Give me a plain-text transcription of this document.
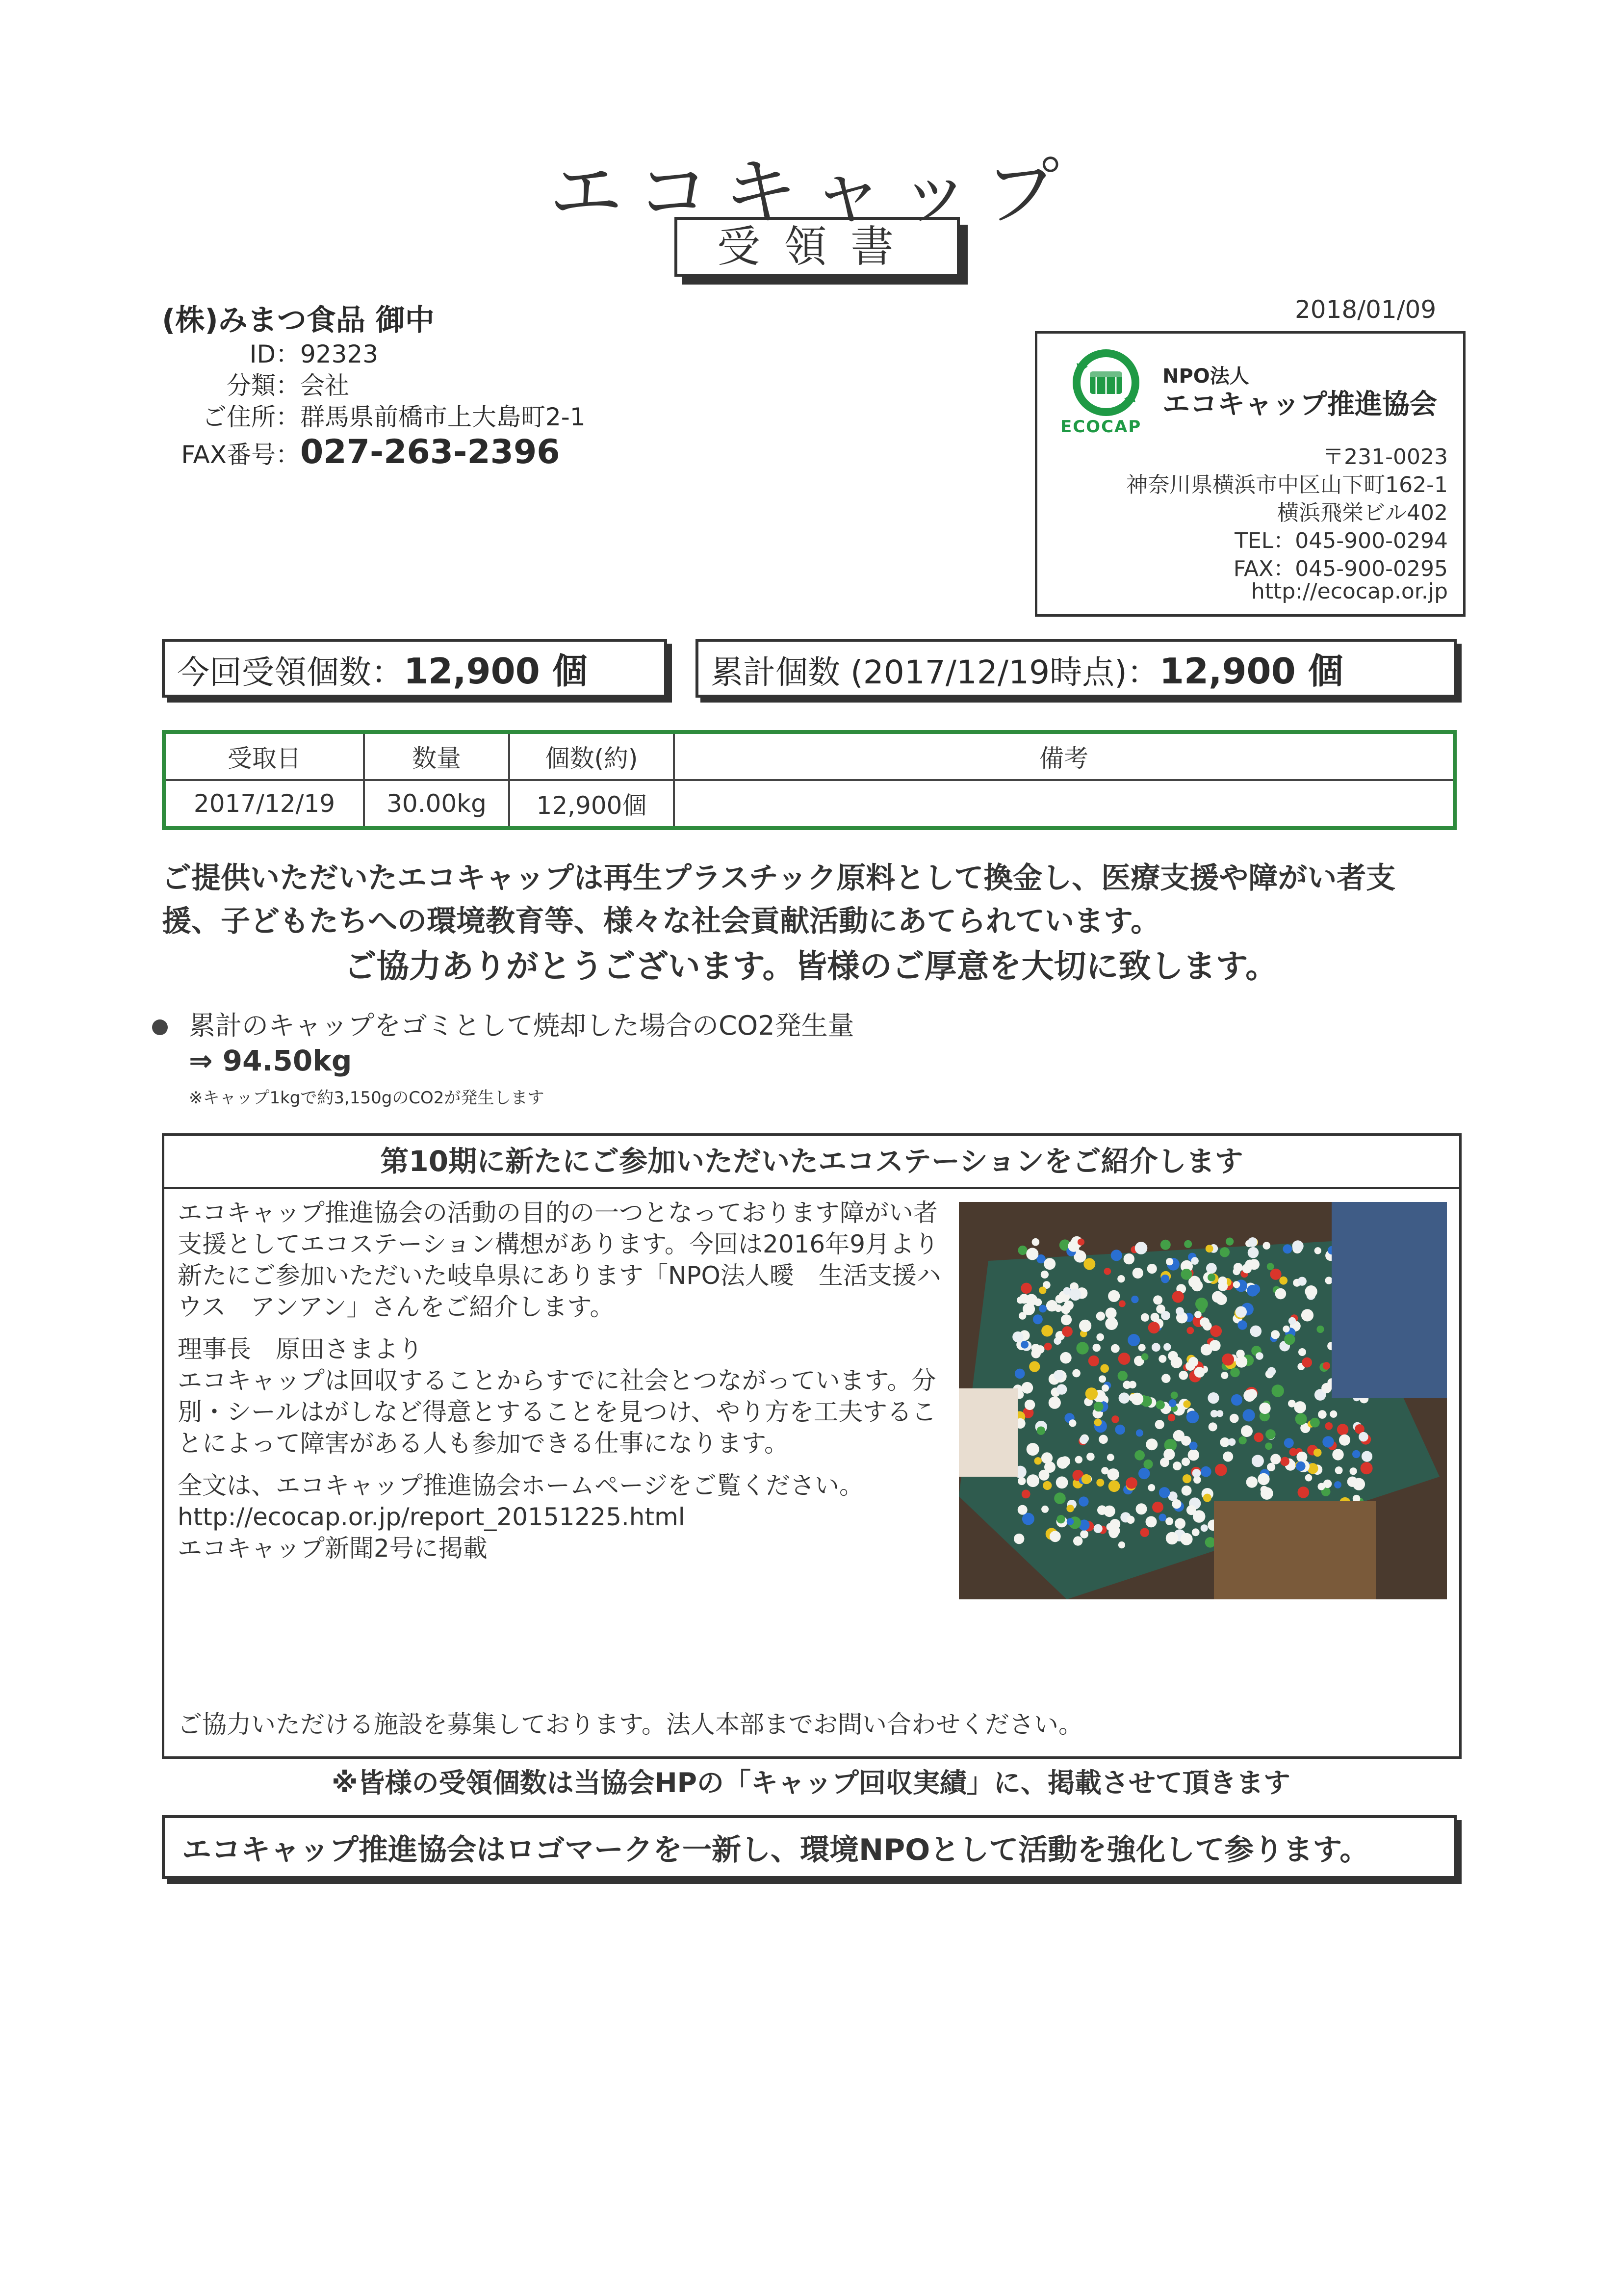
エコキャップ
受領書
2018/01/09
(株)みまつ食品 御中
ID：92323
分類：会社
ご住所：群馬県前橋市上大島町2-1
FAX番号：027-263-2396
ECOCAP
NPO法人
エコキャップ推進協会
〒231-0023
神奈川県横浜市中区山下町162-1
横浜飛栄ビル402
TEL：045-900-0294
FAX：045-900-0295
http://ecocap.or.jp
今回受領個数：12,900 個	累計個数 (2017/12/19時点)：12,900 個
受取日	数量	個数(約)	備考
2017/12/19	30.00kg	12,900個	
ご提供いただいたエコキャップは再生プラスチック原料として換金し、医療支援や障がい者支
援、子どもたちへの環境教育等、様々な社会貢献活動にあてられています。
ご協力ありがとうございます。皆様のご厚意を大切に致します。
累計のキャップをゴミとして焼却した場合のCO2発生量
⇒ 94.50kg
※キャップ1kgで約3,150gのCO2が発生します
第10期に新たにご参加いただいたエコステーションをご紹介します

エコキャップ推進協会の活動の目的の一つとなっております障がい者支援としてエコステーション構想があります。今回は2016年9月より新たにご参加いただいた岐阜県にあります「NPO法人曖　生活支援ハウス　アンアン」さんをご紹介します。

理事長　原田さまより
エコキャップは回収することからすでに社会とつながっています。分別・シールはがしなど得意とすることを見つけ、やり方を工夫することによって障害がある人も参加できる仕事になります。

全文は、エコキャップ推進協会ホームページをご覧ください。
http://ecocap.or.jp/report_20151225.html
エコキャップ新聞2号に掲載

ご協力いただける施設を募集しております。法人本部までお問い合わせください。
※皆様の受領個数は当協会HPの「キャップ回収実績」に、掲載させて頂きます
エコキャップ推進協会はロゴマークを一新し、環境NPOとして活動を強化して参ります。
